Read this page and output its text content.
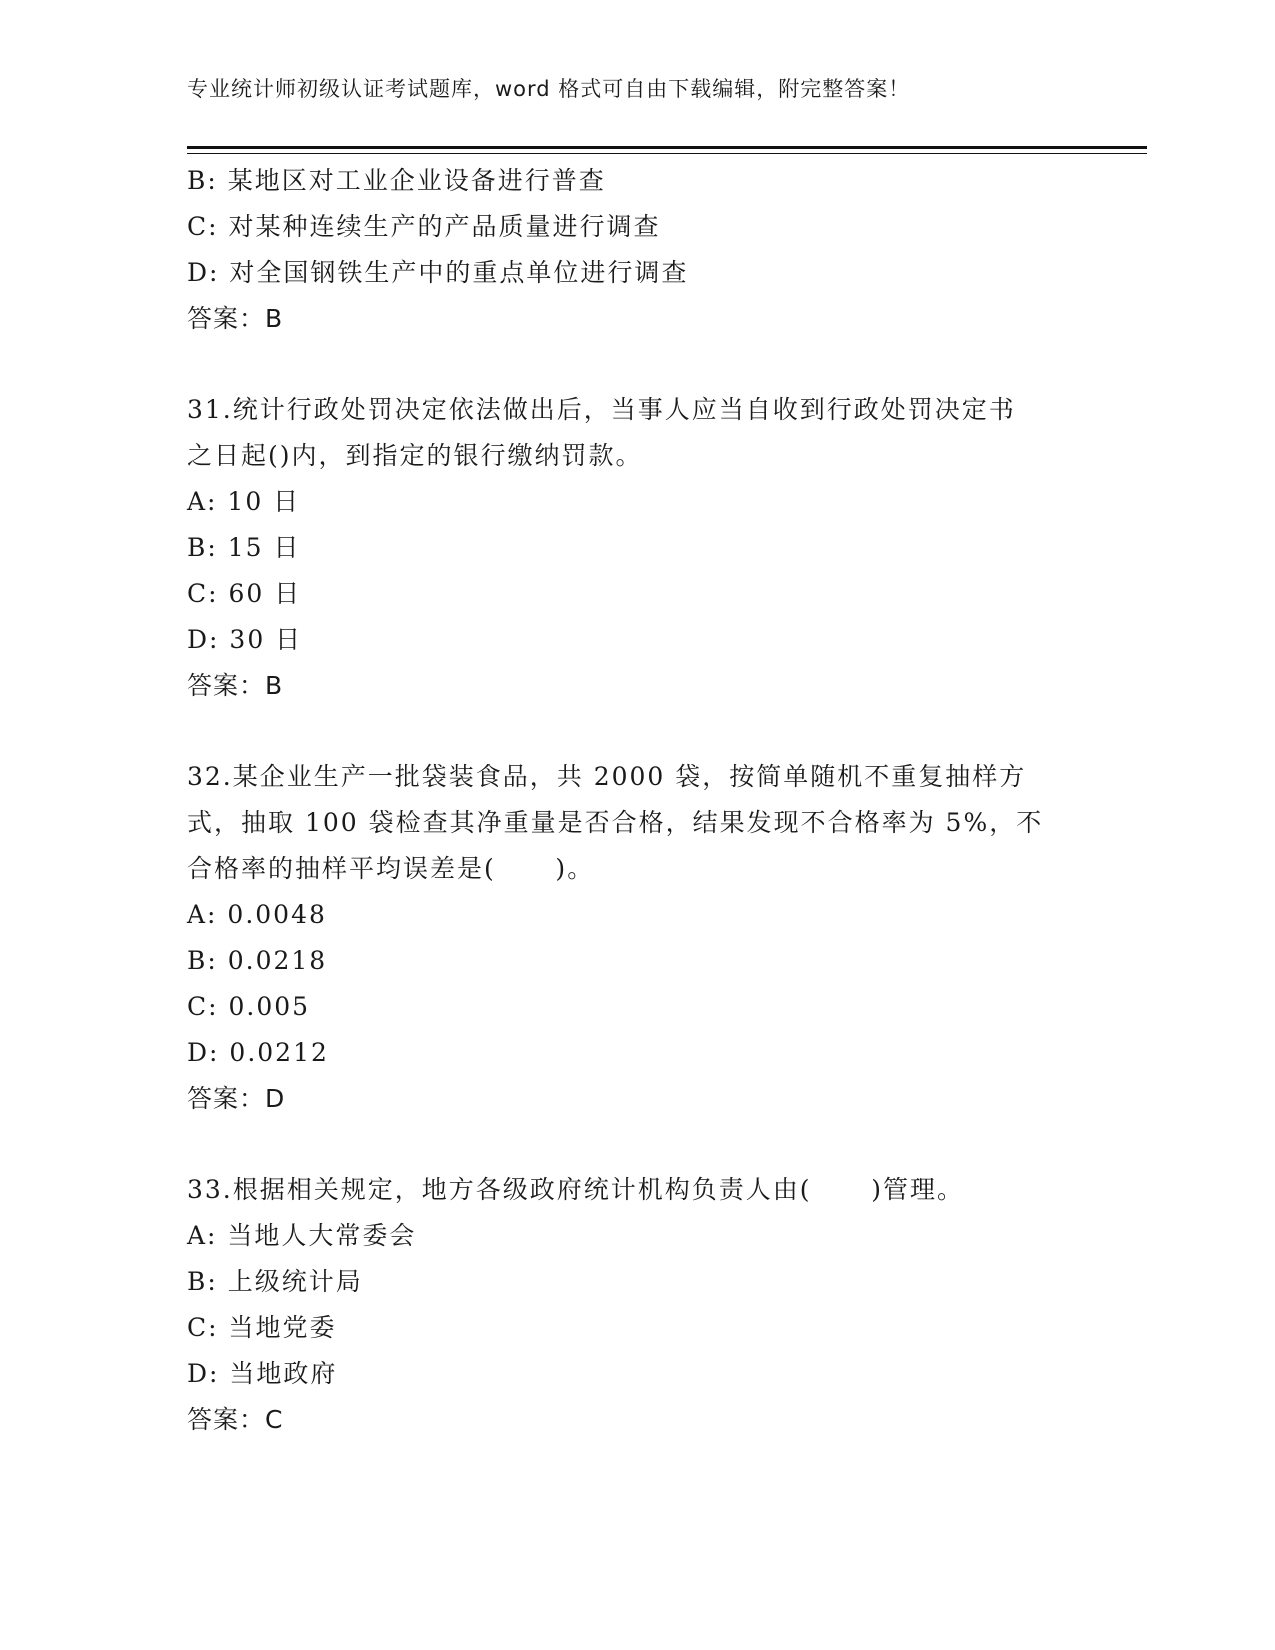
专业统计师初级认证考试题库，word 格式可自由下载编辑，附完整答案！
B: 某地区对工业企业设备进行普查
C: 对某种连续生产的产品质量进行调查
D: 对全国钢铁生产中的重点单位进行调查
答案：B
31.统计行政处罚决定依法做出后，当事人应当自收到行政处罚决定书
之日起()内，到指定的银行缴纳罚款。
A: 10 日
B: 15 日
C: 60 日
D: 30 日
答案：B
32.某企业生产一批袋装食品，共 2000 袋，按简单随机不重复抽样方
式，抽取 100 袋检查其净重量是否合格，结果发现不合格率为 5%，不
合格率的抽样平均误差是(      )。
A: 0.0048
B: 0.0218
C: 0.005
D: 0.0212
答案：D
33.根据相关规定，地方各级政府统计机构负责人由(      )管理。
A: 当地人大常委会
B: 上级统计局
C: 当地党委
D: 当地政府
答案：C
